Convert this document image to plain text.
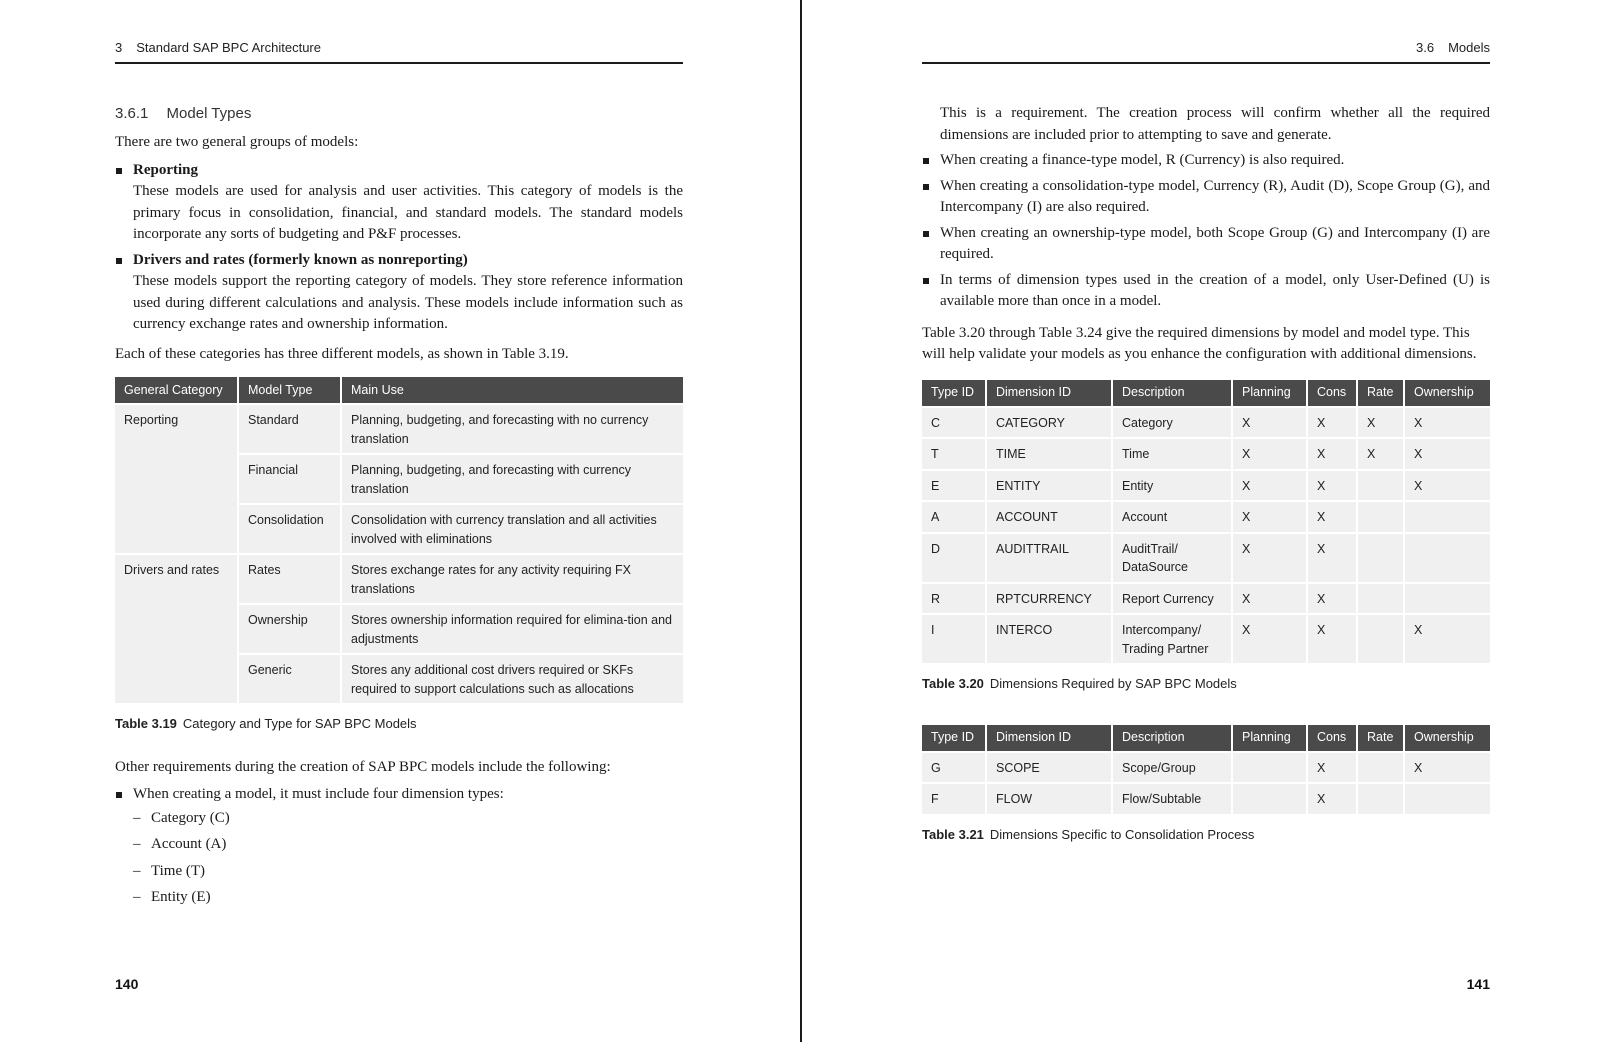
3 Standard SAP BPC Architecture
3.6.1 Model Types

There are two general groups of models:

Reporting
These models are used for analysis and user activities. This category of models is the primary focus in consolidation, financial, and standard models. The standard models incorporate any sorts of budgeting and P&F processes.
Drivers and rates (formerly known as nonreporting)
These models support the reporting category of models. They store reference information used during different calculations and analysis. These models include information such as currency exchange rates and ownership information.

Each of these categories has three different models, as shown in Table 3.19.

General Category	Model Type	Main Use
Reporting	Standard	Planning, budgeting, and forecasting with no currency translation
	Financial	Planning, budgeting, and forecasting with currency translation
	Consolidation	Consolidation with currency translation and all activities involved with eliminations
Drivers and rates	Rates	Stores exchange rates for any activity requiring FX translations
	Ownership	Stores ownership information required for elimina-tion and adjustments
	Generic	Stores any additional cost drivers required or SKFs required to support calculations such as allocations
Table 3.19 Category and Type for SAP BPC Models

Other requirements during the creation of SAP BPC models include the following:

When creating a model, it must include four dimension types:
– Category (C)
– Account (A)
– Time (T)
– Entity (E)
140
3.6 Models

This is a requirement. The creation process will confirm whether all the required dimensions are included prior to attempting to save and generate.

When creating a finance-type model, R (Currency) is also required.
When creating a consolidation-type model, Currency (R), Audit (D), Scope Group (G), and Intercompany (I) are also required.
When creating an ownership-type model, both Scope Group (G) and Intercompany (I) are required.
In terms of dimension types used in the creation of a model, only User-Defined (U) is available more than once in a model.

Table 3.20 through Table 3.24 give the required dimensions by model and model type. This will help validate your models as you enhance the configuration with additional dimensions.

Type ID	Dimension ID	Description	Planning	Cons	Rate	Ownership
C	CATEGORY	Category	X	X	X	X
T	TIME	Time	X	X	X	X
E	ENTITY	Entity	X	X		X
A	ACCOUNT	Account	X	X		
D	AUDITTRAIL	AuditTrail/ DataSource	X	X		
R	RPTCURRENCY	Report Currency	X	X		
I	INTERCO	Intercompany/ Trading Partner	X	X		X
Table 3.20 Dimensions Required by SAP BPC Models
Type ID	Dimension ID	Description	Planning	Cons	Rate	Ownership
G	SCOPE	Scope/Group		X		X
F	FLOW	Flow/Subtable		X		
Table 3.21 Dimensions Specific to Consolidation Process
141
